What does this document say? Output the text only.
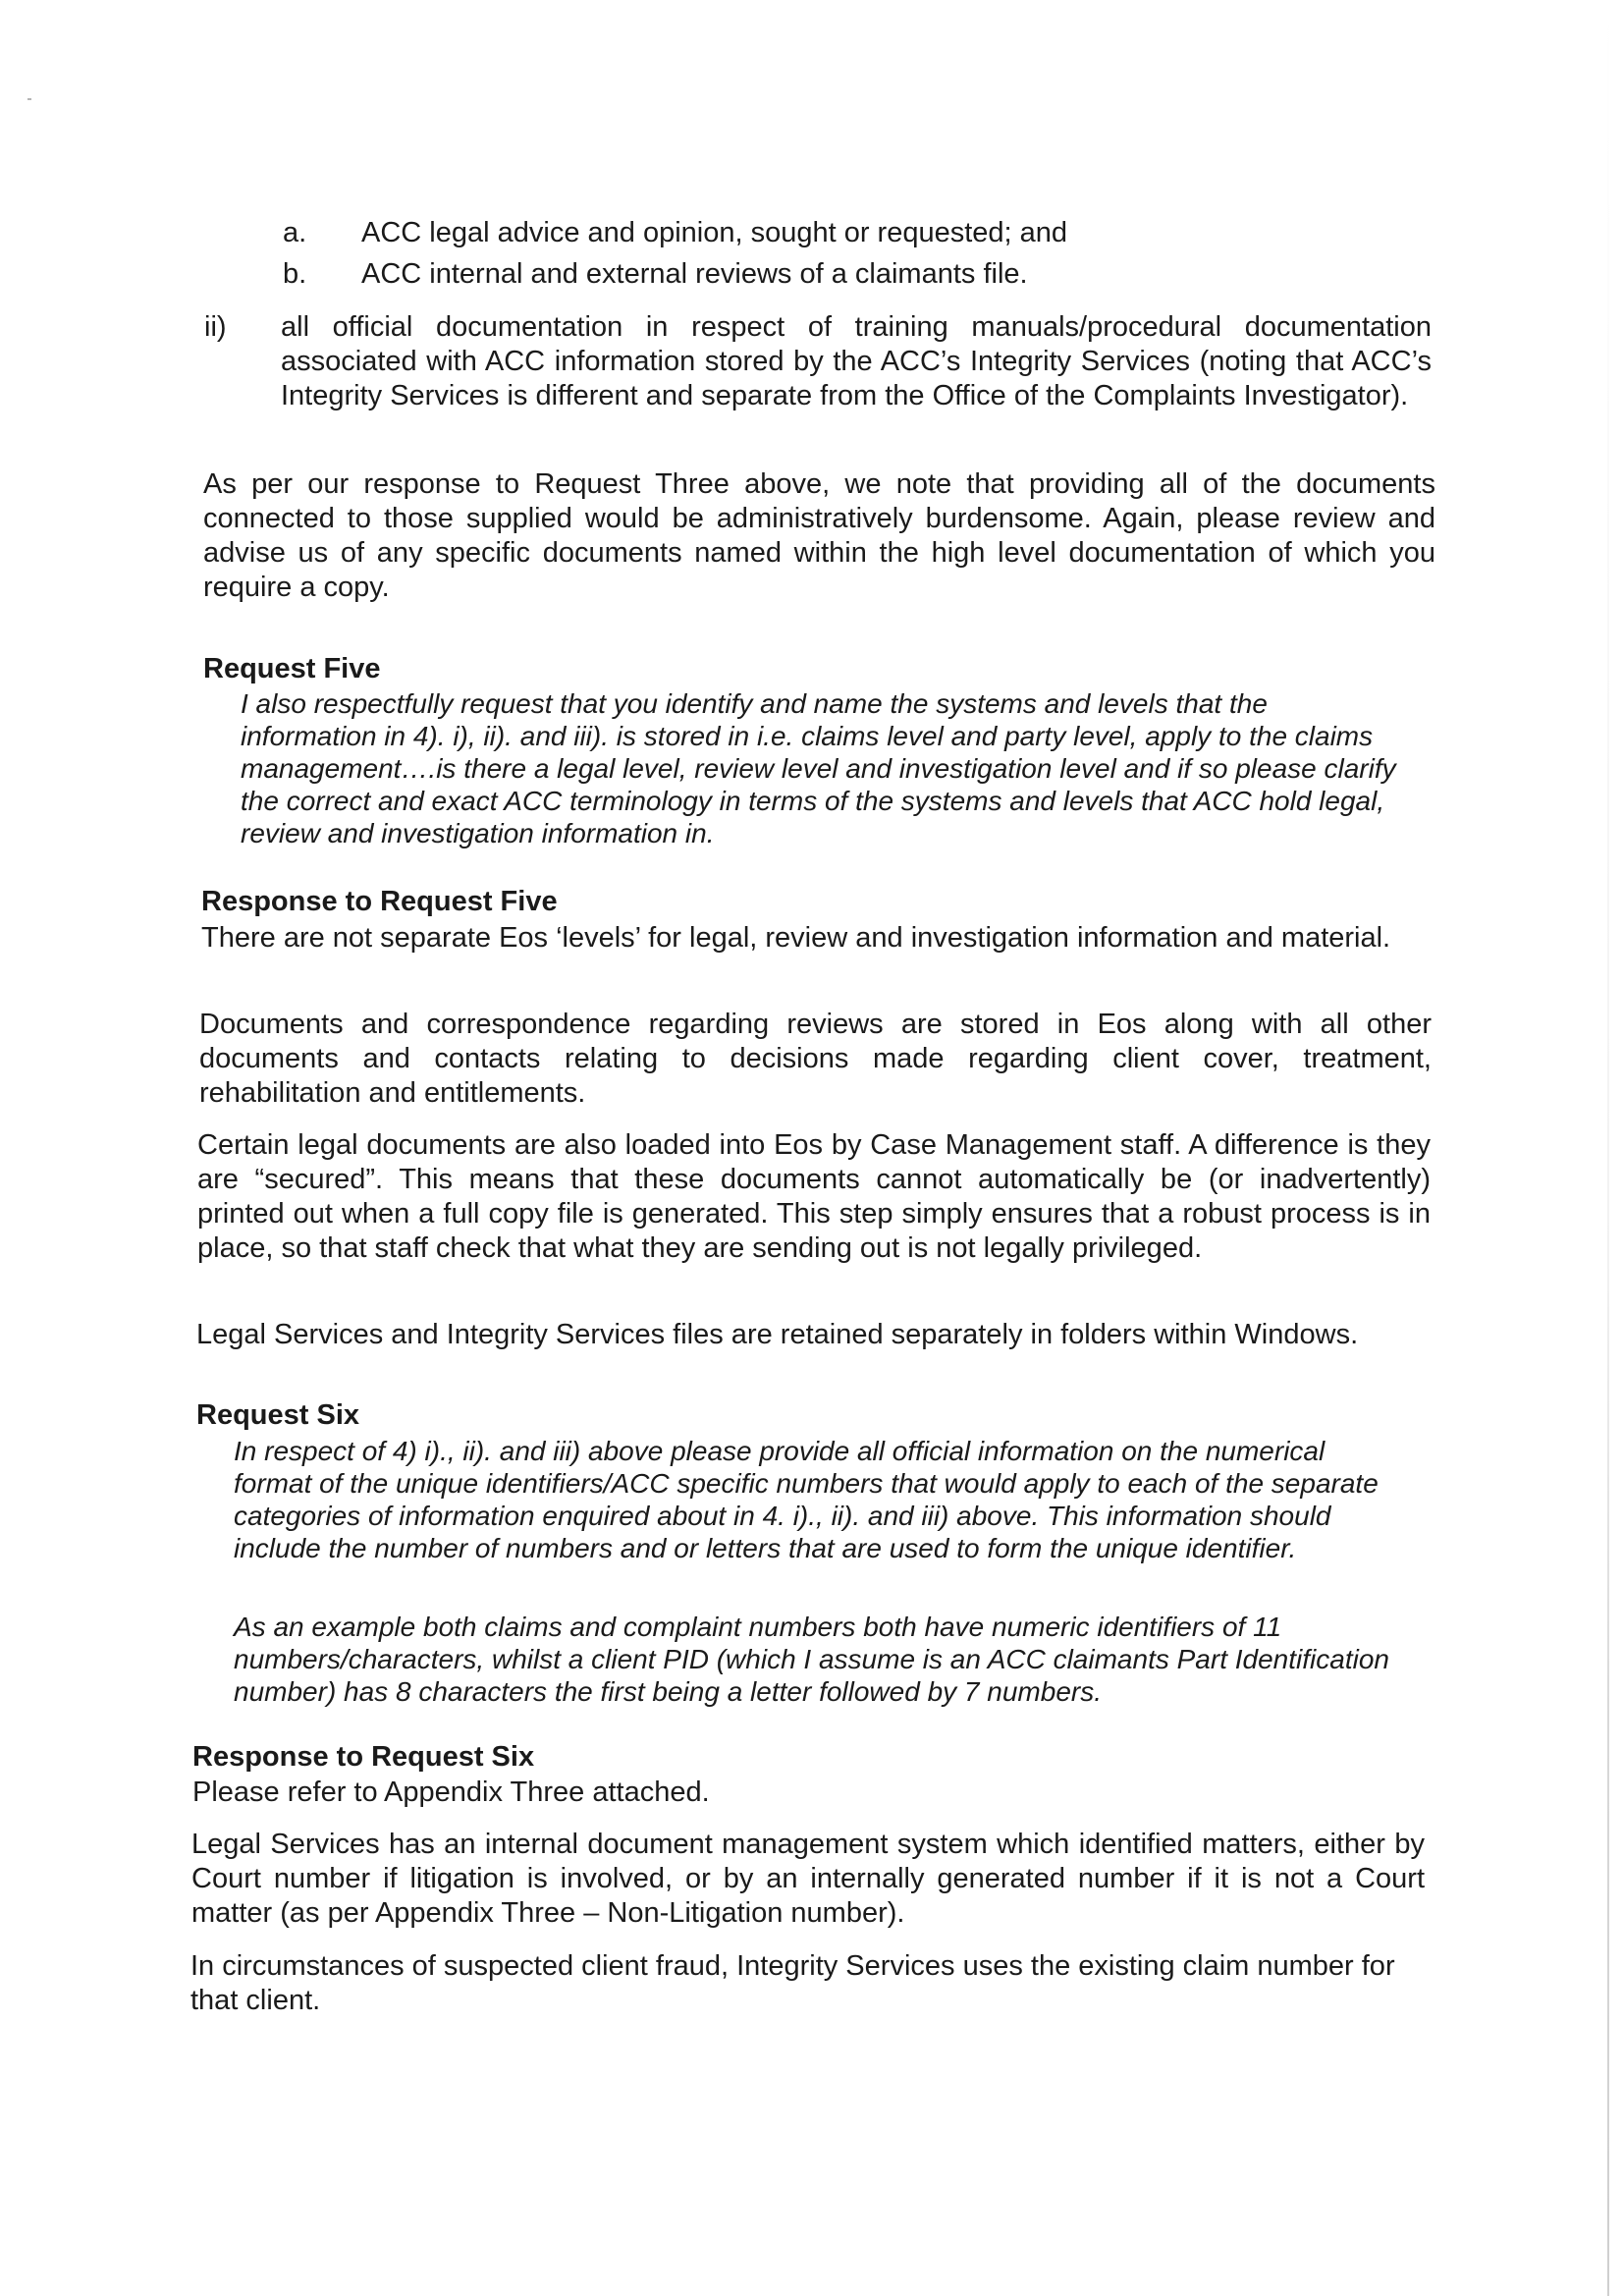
a. ACC legal advice and opinion, sought or requested; and
b. ACC internal and external reviews of a claimants file.
ii) all official documentation in respect of training manuals/procedural documentation associated with ACC information stored by the ACC’s Integrity Services (noting that ACC’s Integrity Services is different and separate from the Office of the Complaints Investigator).

As per our response to Request Three above, we note that providing all of the documents connected to those supplied would be administratively burdensome. Again, please review and advise us of any specific documents named within the high level documentation of which you require a copy.

Request Five

I also respectfully request that you identify and name the systems and levels that the information in 4). i), ii). and iii). is stored in i.e. claims level and party level, apply to the claims management….is there a legal level, review level and investigation level and if so please clarify the correct and exact ACC terminology in terms of the systems and levels that ACC hold legal, review and investigation information in.

Response to Request Five

There are not separate Eos ‘levels’ for legal, review and investigation information and material.

Documents and correspondence regarding reviews are stored in Eos along with all other documents and contacts relating to decisions made regarding client cover, treatment, rehabilitation and entitlements.

Certain legal documents are also loaded into Eos by Case Management staff. A difference is they are “secured”. This means that these documents cannot automatically be (or inadvertently) printed out when a full copy file is generated. This step simply ensures that a robust process is in place, so that staff check that what they are sending out is not legally privileged.

Legal Services and Integrity Services files are retained separately in folders within Windows.

Request Six

In respect of 4) i)., ii). and iii) above please provide all official information on the numerical format of the unique identifiers/ACC specific numbers that would apply to each of the separate categories of information enquired about in 4. i)., ii). and iii) above. This information should include the number of numbers and or letters that are used to form the unique identifier.

As an example both claims and complaint numbers both have numeric identifiers of 11 numbers/characters, whilst a client PID (which I assume is an ACC claimants Part Identification number) has 8 characters the first being a letter followed by 7 numbers.

Response to Request Six

Please refer to Appendix Three attached.

Legal Services has an internal document management system which identified matters, either by Court number if litigation is involved, or by an internally generated number if it is not a Court matter (as per Appendix Three – Non-Litigation number).

In circumstances of suspected client fraud, Integrity Services uses the existing claim number for that client.
